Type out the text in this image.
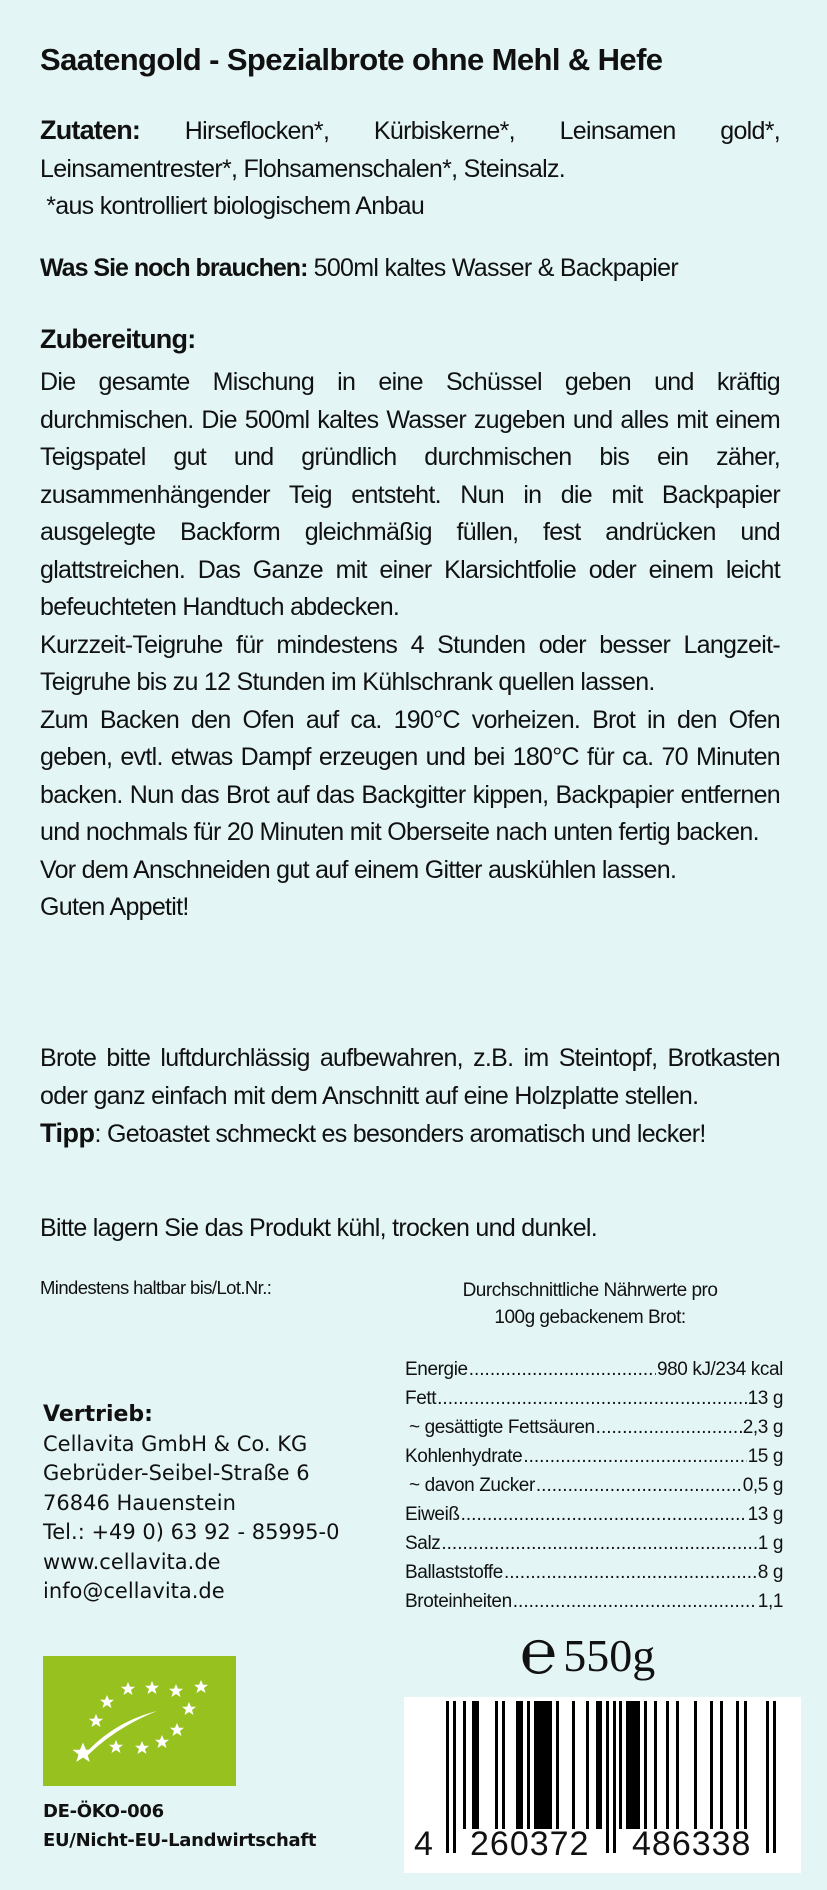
Saatengold - Spezialbrote ohne Mehl & Hefe
Zutaten: Hirseflocken*, Kürbiskerne*, Leinsamen gold*, Leinsamentrester*, Flohsamenschalen*, Steinsalz.
*aus kontrolliert biologischem Anbau
Was Sie noch brauchen: 500ml kaltes Wasser & Backpapier
Zubereitung:

Die gesamte Mischung in eine Schüssel geben und kräftig durchmischen. Die 500ml kaltes Wasser zugeben und alles mit einem Teigspatel gut und gründlich durchmischen bis ein zäher, zusammenhängender Teig entsteht. Nun in die mit Backpapier ausgelegte Backform gleichmäßig füllen, fest andrücken und glattstreichen. Das Ganze mit einer Klarsichtfolie oder einem leicht befeuchteten Handtuch abdecken.

Kurzzeit-Teigruhe für mindestens 4 Stunden oder besser Langzeit-Teigruhe bis zu 12 Stunden im Kühlschrank quellen lassen.

Zum Backen den Ofen auf ca. 190°C vorheizen. Brot in den Ofen geben, evtl. etwas Dampf erzeugen und bei 180°C für ca. 70 Minuten backen. Nun das Brot auf das Backgitter kippen, Backpapier entfernen und nochmals für 20 Minuten mit Oberseite nach unten fertig backen.

Vor dem Anschneiden gut auf einem Gitter auskühlen lassen.

Guten Appetit!

Brote bitte luftdurchlässig aufbewahren, z.B. im Steintopf, Brotkasten oder ganz einfach mit dem Anschnitt auf eine Holzplatte stellen.

Tipp: Getoastet schmeckt es besonders aromatisch und lecker!

Bitte lagern Sie das Produkt kühl, trocken und dunkel.
Mindestens haltbar bis/Lot.Nr.:	Durchschnittliche Nährwerte pro
100g gebackenem Brot:
Energie .....	980 kJ/234 kcal
Fett .....	13 g
~ gesättigte Fettsäuren .....	2,3 g
Kohlenhydrate .....	15 g
~ davon Zucker .....	0,5 g
Eiweiß .....	13 g
Salz .....	1 g
Ballaststoffe .....	8 g
Broteinheiten .....	1,1
Vertrieb:
Cellavita GmbH & Co. KG
Gebrüder-Seibel-Straße 6
76846 Hauenstein
Tel.: +49 0) 63 92 - 85995-0
www.cellavita.de
info@cellavita.de
DE-ÖKO-006
EU/Nicht-EU-Landwirtschaft
℮ 550g
4 260372 486338
